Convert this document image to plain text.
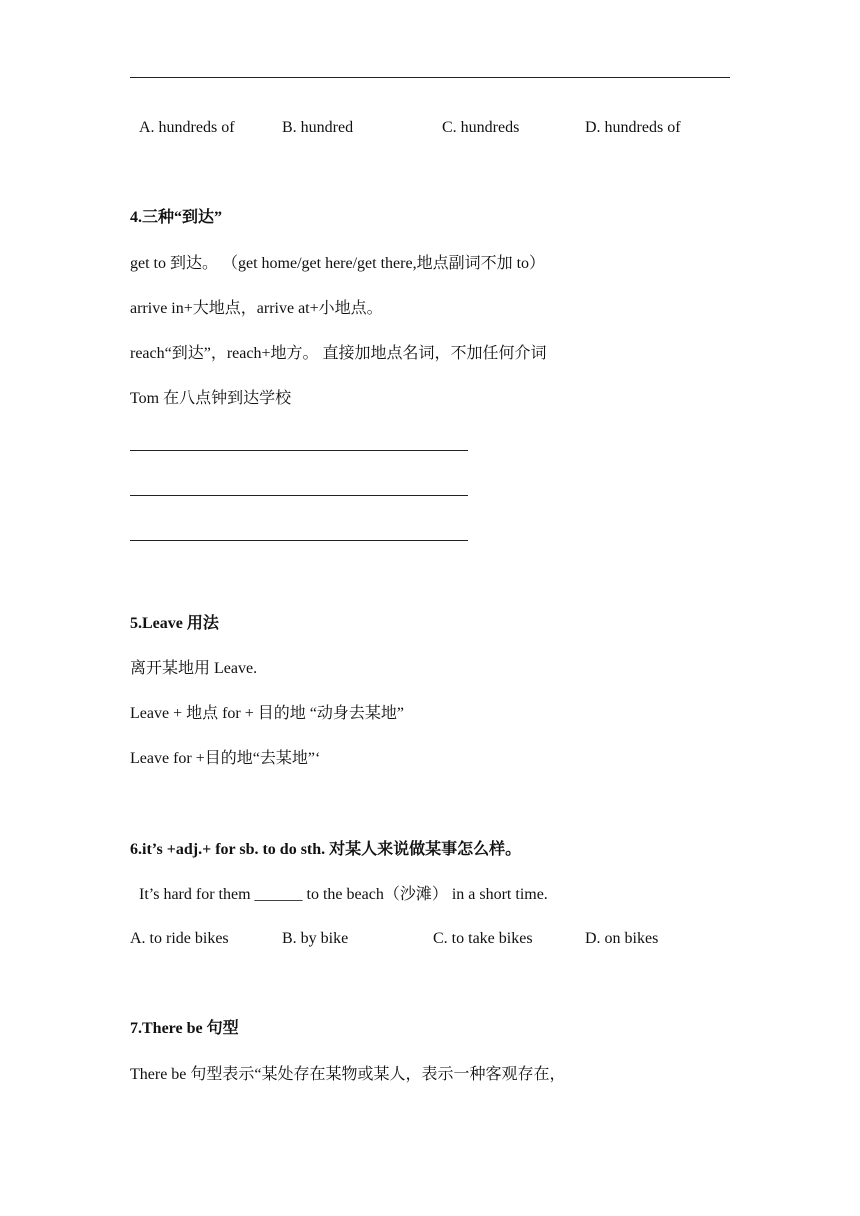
A. hundreds of	B. hundred	C. hundreds	D. hundreds of
4.三种“到达”
get to 到达。 （get home/get here/get there,地点副词不加 to）
arrive in+大地点，arrive at+小地点。
reach“到达”，reach+地方。 直接加地点名词，不加任何介词
Tom 在八点钟到达学校
5.Leave 用法
离开某地用 Leave.
Leave + 地点 for + 目的地 “动身去某地”
Leave for +目的地“去某地”‘
6.it’s +adj.+ for sb. to do sth. 对某人来说做某事怎么样。
It’s hard for them ______ to the beach（沙滩） in a short time.
A. to ride bikes	B. by bike	C. to take bikes	D. on bikes
7.There be 句型
There be 句型表示“某处存在某物或某人，表示一种客观存在，
